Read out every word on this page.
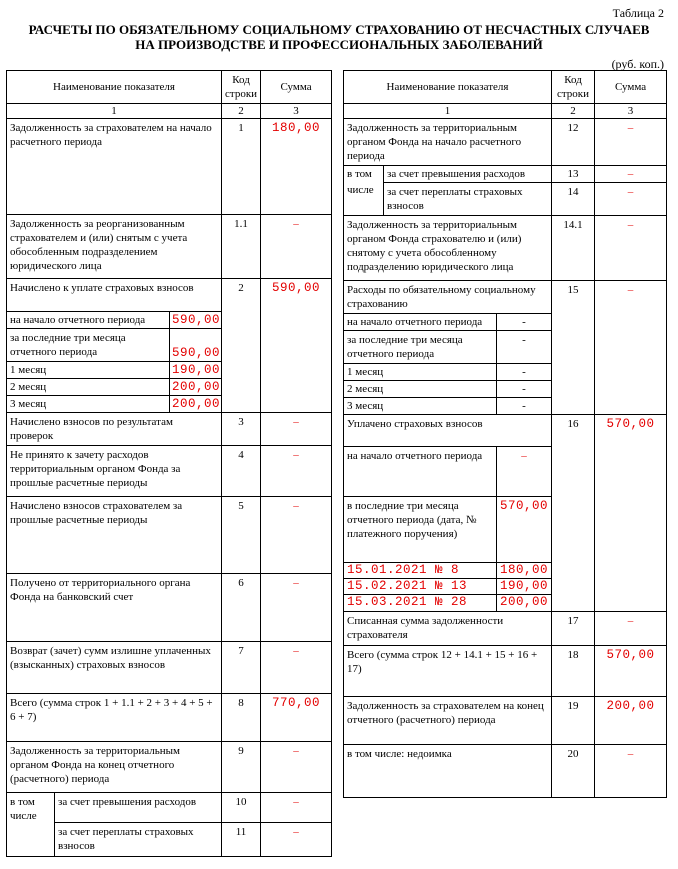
Таблица 2
РАСЧЕТЫ ПО ОБЯЗАТЕЛЬНОМУ СОЦИАЛЬНОМУ СТРАХОВАНИЮ ОТ НЕСЧАСТНЫХ СЛУЧАЕВ
НА ПРОИЗВОДСТВЕ И ПРОФЕССИОНАЛЬНЫХ ЗАБОЛЕВАНИЙ
(руб. коп.)
Наименование показателя			Код строки	Сумма
1			2	3
Задолженность за страхователем на начало расчетного периода			1	180,00
Задолженность за реорганизованным страхователем и (или) снятым с учета обособленным подразделением юридического лица			1.1	–
Начислено к уплате страховых взносов			2	590,00
на начало отчетного периода		590,00		
за последние три месяца отчетного периода		590,00		
1 месяц		190,00		
2 месяц		200,00		
3 месяц		200,00		
Начислено взносов по результатам проверок			3	–
Не принято к зачету расходов территориальным органом Фонда за прошлые расчетные периоды			4	–
Начислено взносов страхователем за прошлые расчетные периоды			5	–
Получено от территориального органа Фонда на банковский счет			6	–
Возврат (зачет) сумм излишне уплаченных (взысканных) страховых взносов			7	–
Всего (сумма строк 1 + 1.1 + 2 + 3 + 4 + 5 + 6 + 7)			8	770,00
Задолженность за территориальным органом Фонда на конец отчетного (расчетного) периода			9	–
в том числе	за счет превышения расходов		10	–
	за счет переплаты страховых взносов		11	–
Наименование показателя			Код строки	Сумма
1			2	3
Задолженность за территориальным органом Фонда на начало расчетного периода			12	–

в том
числе	за счет превышения расходов		13	–
	за счет переплаты страховых взносов		14	–
Задолженность за территориальным органом Фонда страхователю и (или) снятому с учета обособленному подразделению юридического лица			14.1	–
Расходы по обязательному социальному страхованию			15	–
на начало отчетного периода		-		
за последние три месяца отчетного периода		-		
1 месяц		-		
2 месяц		-		
3 месяц		-		
Уплачено страховых взносов			16	570,00
на начало отчетного периода		–		
в последние три месяца отчетного периода (дата, № платежного поручения)		570,00		
15.01.2021 № 8		180,00		
15.02.2021 № 13		190,00		
15.03.2021 № 28		200,00		
Списанная сумма задолженности страхователя			17	–
Всего (сумма строк 12 + 14.1 + 15 + 16 + 17)			18	570,00
Задолженность за страхователем на конец отчетного (расчетного) периода			19	200,00
в том числе: недоимка			20	–
